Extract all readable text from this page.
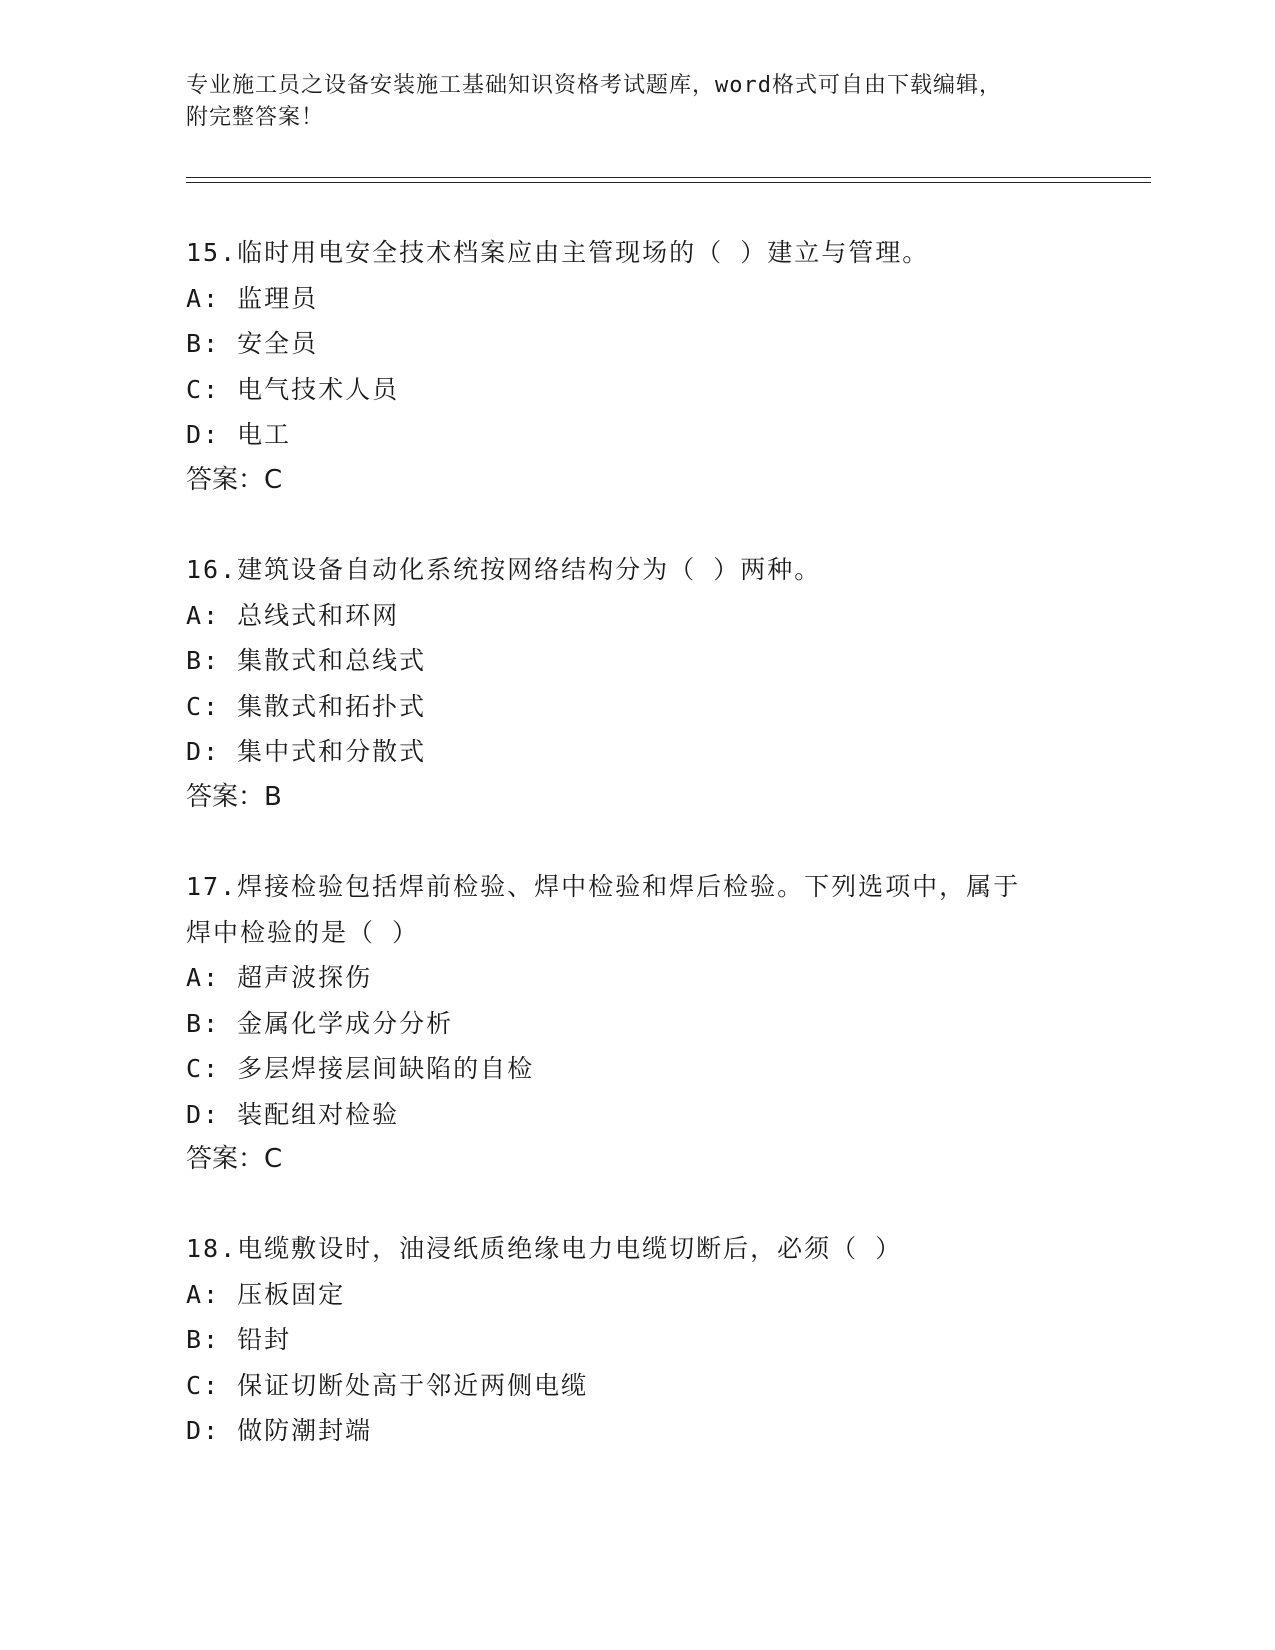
专业施工员之设备安装施工基础知识资格考试题库，word格式可自由下载编辑，
附完整答案！
15.临时用电安全技术档案应由主管现场的（ ）建立与管理。
A: 监理员
B: 安全员
C: 电气技术人员
D: 电工
答案：C
16.建筑设备自动化系统按网络结构分为（ ）两种。
A: 总线式和环网
B: 集散式和总线式
C: 集散式和拓扑式
D: 集中式和分散式
答案：B
17.焊接检验包括焊前检验、焊中检验和焊后检验。下列选项中，属于
焊中检验的是（ ）
A: 超声波探伤
B: 金属化学成分分析
C: 多层焊接层间缺陷的自检
D: 装配组对检验
答案：C
18.电缆敷设时，油浸纸质绝缘电力电缆切断后，必须（ ）
A: 压板固定
B: 铅封
C: 保证切断处高于邻近两侧电缆
D: 做防潮封端
